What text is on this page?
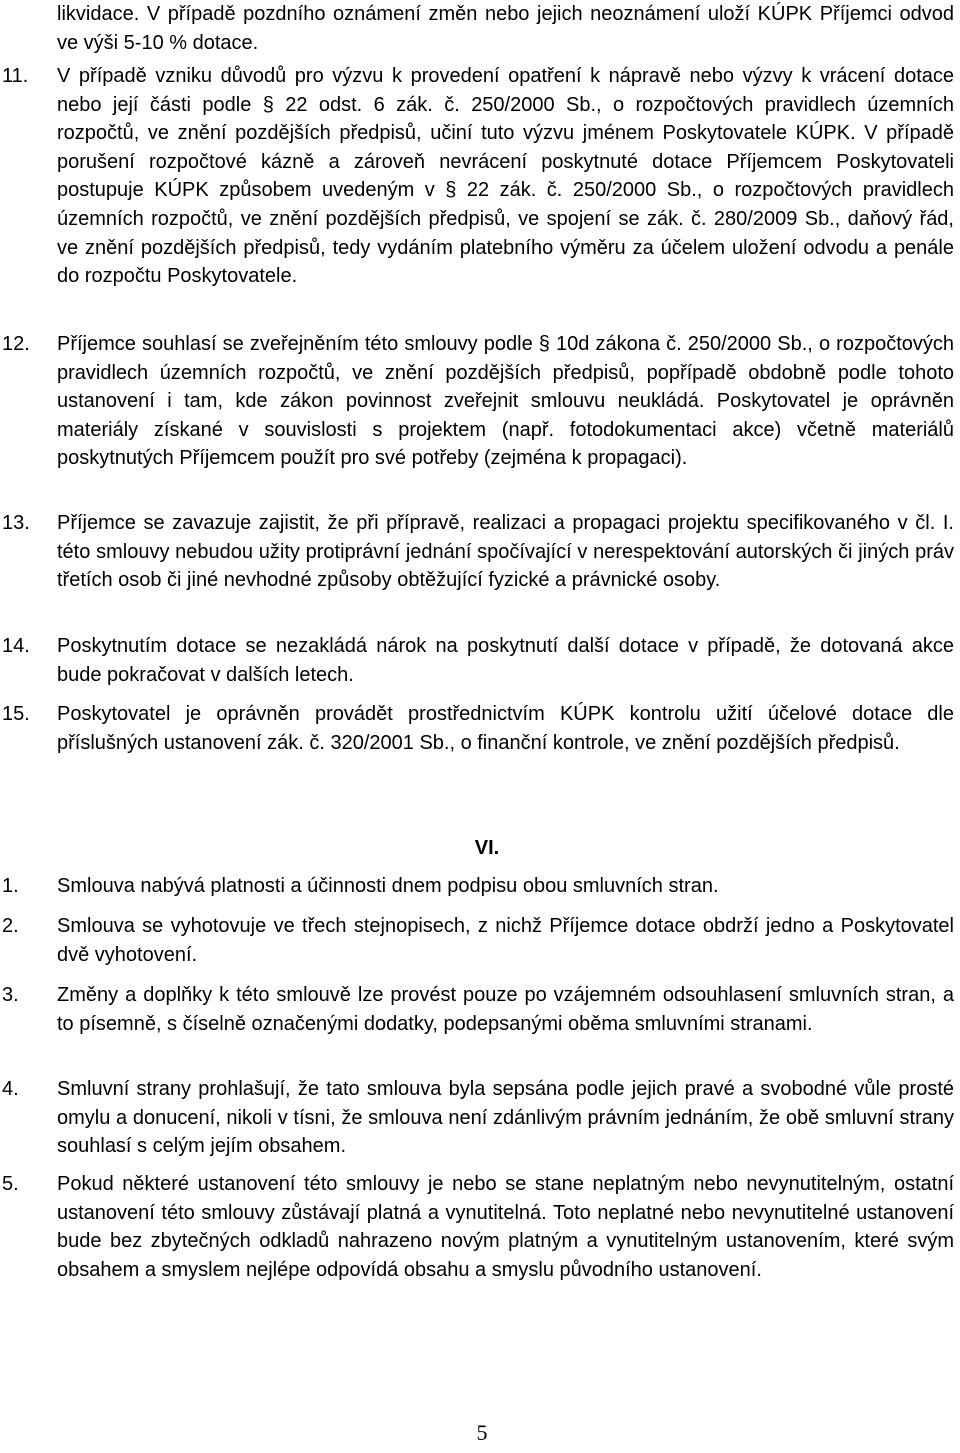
likvidace. V případě pozdního oznámení změn nebo jejich neoznámení uloží KÚPK Příjemci odvod ve výši 5-10 % dotace.
11.	V případě vzniku důvodů pro výzvu k provedení opatření k nápravě nebo výzvy k vrácení dotace nebo její části podle § 22 odst. 6 zák. č. 250/2000 Sb., o rozpočtových pravidlech územních rozpočtů, ve znění pozdějších předpisů, učiní tuto výzvu jménem Poskytovatele KÚPK. V případě porušení rozpočtové kázně a zároveň nevrácení poskytnuté dotace Příjemcem Poskytovateli postupuje KÚPK způsobem uvedeným v § 22 zák. č. 250/2000 Sb., o rozpočtových pravidlech územních rozpočtů, ve znění pozdějších předpisů, ve spojení se zák. č. 280/2009 Sb., daňový řád, ve znění pozdějších předpisů, tedy vydáním platebního výměru za účelem uložení odvodu a penále do rozpočtu Poskytovatele.
12.	Příjemce souhlasí se zveřejněním této smlouvy podle § 10d zákona č. 250/2000 Sb., o rozpočtových pravidlech územních rozpočtů, ve znění pozdějších předpisů, popřípadě obdobně podle tohoto ustanovení i tam, kde zákon povinnost zveřejnit smlouvu neukládá. Poskytovatel je oprávněn materiály získané v souvislosti s projektem (např. fotodokumentaci akce) včetně materiálů poskytnutých Příjemcem použít pro své potřeby (zejména k propagaci).
13.	Příjemce se zavazuje zajistit, že při přípravě, realizaci a propagaci projektu specifikovaného v čl. I. této smlouvy nebudou užity protiprávní jednání spočívající v nerespektování autorských či jiných práv třetích osob či jiné nevhodné způsoby obtěžující fyzické a právnické osoby.
14.	Poskytnutím dotace se nezakládá nárok na poskytnutí další dotace v případě, že dotovaná akce bude pokračovat v dalších letech.
15.	Poskytovatel je oprávněn provádět prostřednictvím KÚPK kontrolu užití účelové dotace dle příslušných ustanovení zák. č. 320/2001 Sb., o finanční kontrole, ve znění pozdějších předpisů.
VI.
1.	Smlouva nabývá platnosti a účinnosti dnem podpisu obou smluvních stran.
2.	Smlouva se vyhotovuje ve třech stejnopisech, z nichž Příjemce dotace obdrží jedno a Poskytovatel dvě vyhotovení.
3.	Změny a doplňky k této smlouvě lze provést pouze po vzájemném odsouhlasení smluvních stran, a to písemně, s číselně označenými dodatky, podepsanými oběma smluvními stranami.
4.	Smluvní strany prohlašují, že tato smlouva byla sepsána podle jejich pravé a svobodné vůle prosté omylu a donucení, nikoli v tísni, že smlouva není zdánlivým právním jednáním, že obě smluvní strany souhlasí s celým jejím obsahem.
5.	Pokud některé ustanovení této smlouvy je nebo se stane neplatným nebo nevynutitelným, ostatní ustanovení této smlouvy zůstávají platná a vynutitelná. Toto neplatné nebo nevynutitelné ustanovení bude bez zbytečných odkladů nahrazeno novým platným a vynutitelným ustanovením, které svým obsahem a smyslem nejlépe odpovídá obsahu a smyslu původního ustanovení.
5
